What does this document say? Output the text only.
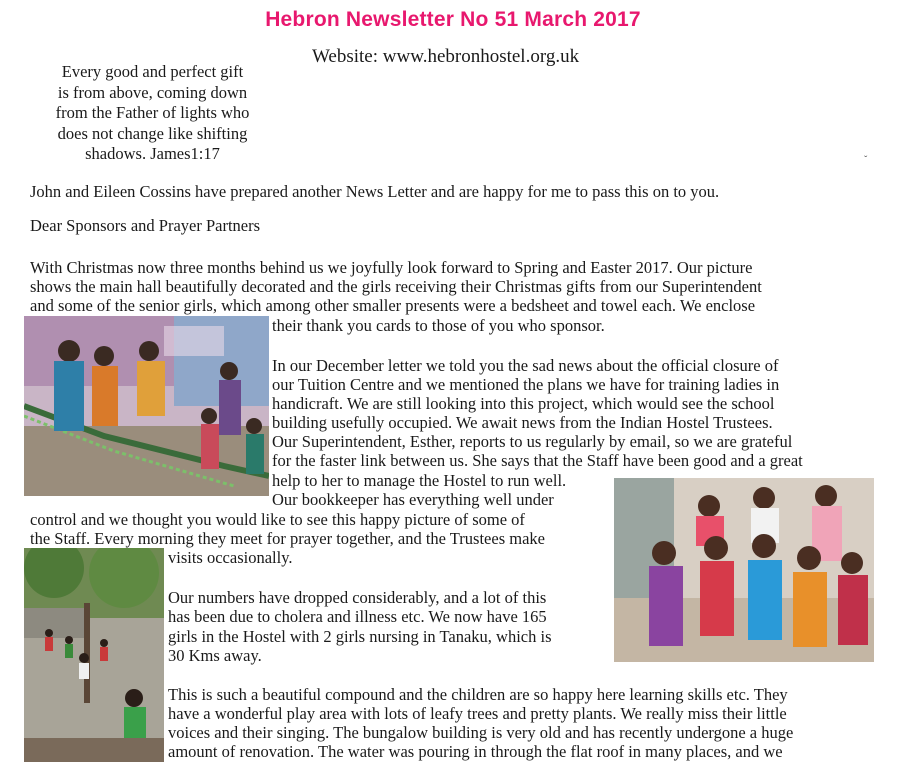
Hebron Newsletter No 51 March 2017
Website: www.hebronhostel.org.uk
Every good and perfect gift
is from above, coming down
from the Father of lights who
does not change like shifting
shadows. James1:17	ˇ
John and Eileen Cossins have prepared another News Letter and are happy for me to pass this on to you.
Dear Sponsors and Prayer Partners
With Christmas now three months behind us we joyfully look forward to Spring and Easter 2017. Our picture
shows the main hall beautifully decorated and the girls receiving their Christmas gifts from our Superintendent
and some of the senior girls, which among other smaller presents were a bedsheet and towel each. We enclose
their thank you cards to those of you who sponsor.
In our December letter we told you the sad news about the official closure of
our Tuition Centre and we mentioned the plans we have for training ladies in
handicraft. We are still looking into this project, which would see the school
building usefully occupied. We await news from the Indian Hostel Trustees.
Our Superintendent, Esther, reports to us regularly by email, so we are grateful
for the faster link between us. She says that the Staff have been good and a great
help to her to manage the Hostel to run well.
Our bookkeeper has everything well under
control and we thought you would like to see this happy picture of some of
the Staff. Every morning they meet for prayer together, and the Trustees make
visits occasionally.
Our numbers have dropped considerably, and a lot of this
has been due to cholera and illness etc. We now have 165
girls in the Hostel with 2 girls nursing in Tanaku, which is
30 Kms away.
This is such a beautiful compound and the children are so happy here learning skills etc. They
have a wonderful play area with lots of leafy trees and pretty plants. We really miss their little
voices and their singing. The bungalow building is very old and has recently undergone a huge
amount of renovation. The water was pouring in through the flat roof in many places, and we
